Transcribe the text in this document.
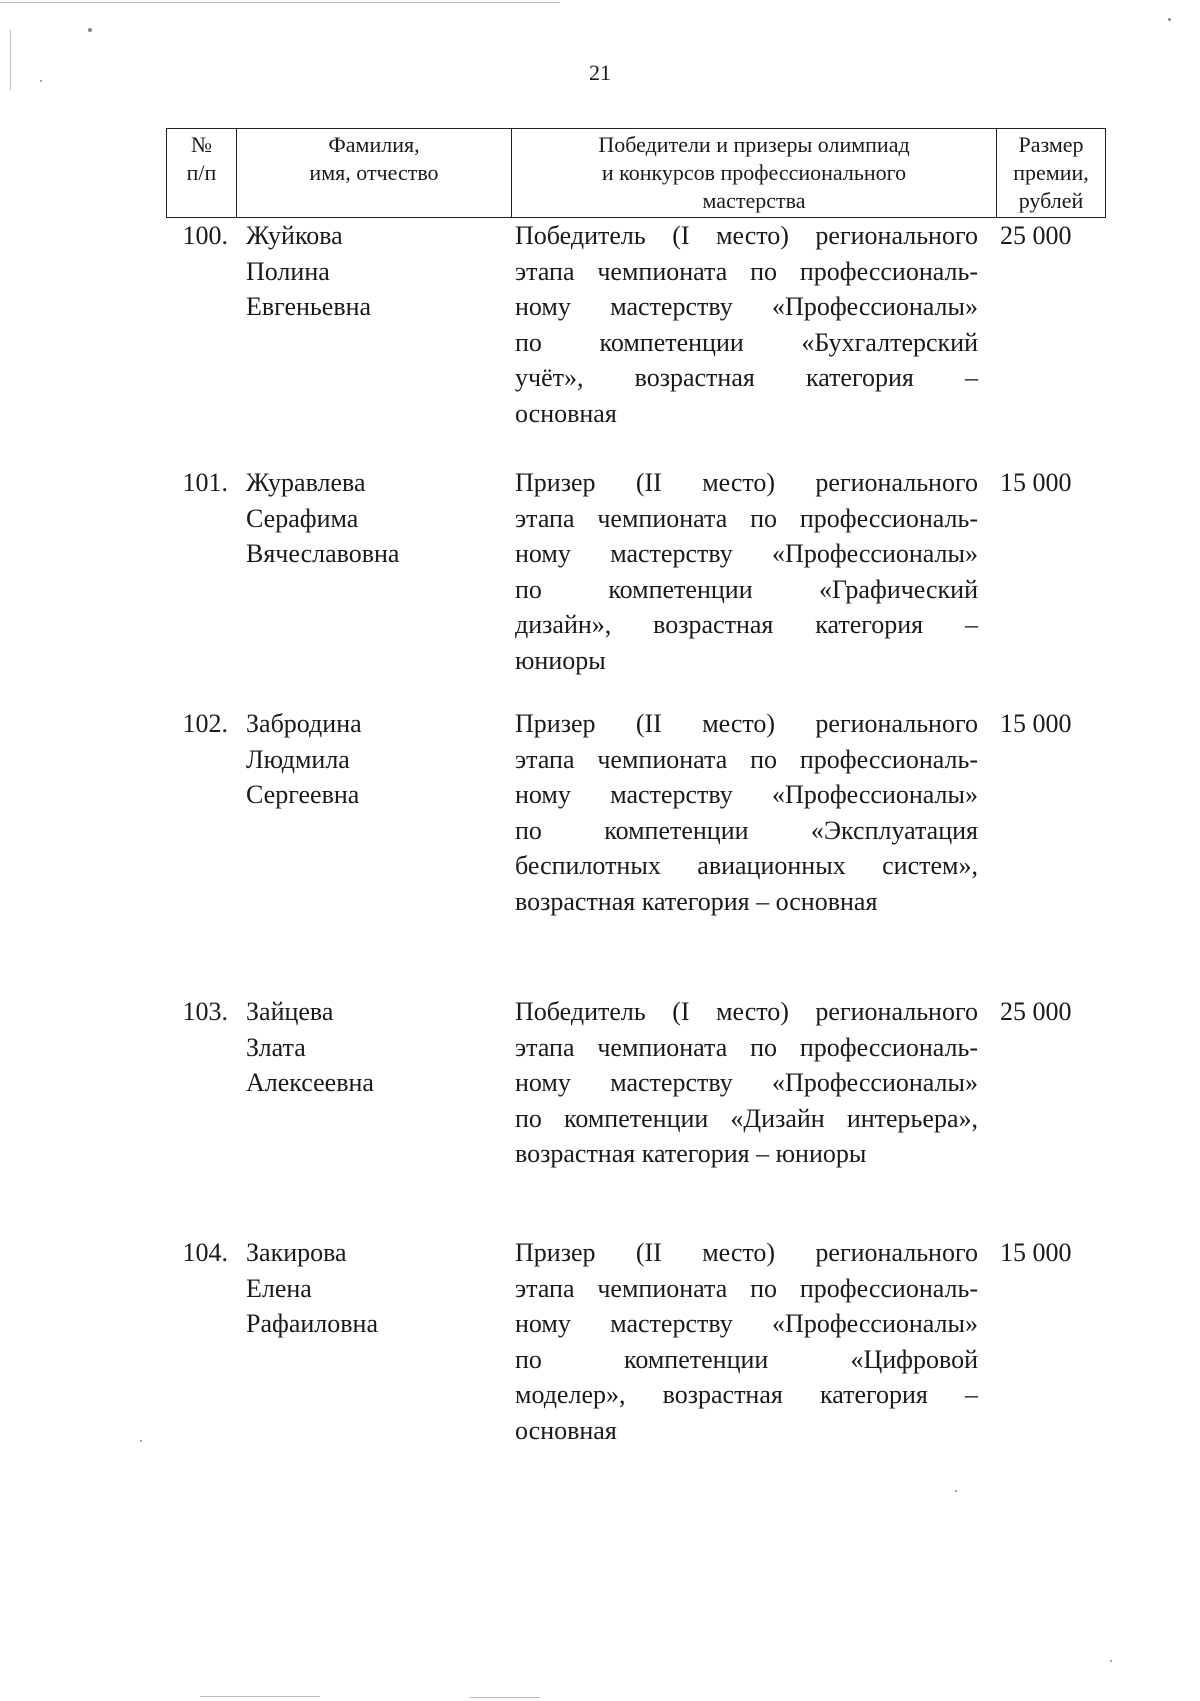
21
№
п/п
Фамилия,
имя, отчество
Победители и призеры олимпиад
и конкурсов профессионального
мастерства
Размер
премии,
рублей
100. Жуйкова
Полина
Евгеньевна
Победитель (I место) регионального
этапа чемпионата по профессиональ-
ному мастерству «Профессионалы»
по компетенции «Бухгалтерский
учёт», возрастная категория –
основная
25 000
101. Журавлева
Серафима
Вячеславовна
Призер (II место) регионального
этапа чемпионата по профессиональ-
ному мастерству «Профессионалы»
по компетенции «Графический
дизайн», возрастная категория –
юниоры
15 000
102. Забродина
Людмила
Сергеевна
Призер (II место) регионального
этапа чемпионата по профессиональ-
ному мастерству «Профессионалы»
по компетенции «Эксплуатация
беспилотных авиационных систем»,
возрастная категория – основная
15 000
103. Зайцева
Злата
Алексеевна
Победитель (I место) регионального
этапа чемпионата по профессиональ-
ному мастерству «Профессионалы»
по компетенции «Дизайн интерьера»,
возрастная категория – юниоры
25 000
104. Закирова
Елена
Рафаиловна
Призер (II место) регионального
этапа чемпионата по профессиональ-
ному мастерству «Профессионалы»
по компетенции «Цифровой
моделер», возрастная категория –
основная
15 000
